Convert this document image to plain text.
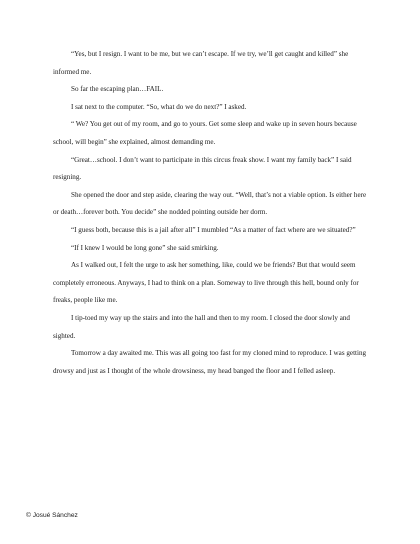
“Yes, but I resign. I want to be me, but we can’t escape. If we try, we’ll get caught and killed” she informed me.

So far the escaping plan…FAIL.

I sat next to the computer. “So, what do we do next?” I asked.

“ We? You get out of my room, and go to yours. Get some sleep and wake up in seven hours because school, will begin” she explained, almost demanding me.

“Great…school. I don’t want to participate in this circus freak show. I want my family back” I said resigning.

She opened the door and step aside, clearing the way out. “Well, that’s not a viable option. Is either here or death…forever both. You decide” she nodded pointing outside her dorm.

“I guess both, because this is a jail after all” I mumbled “As a matter of fact where are we situated?”

“If I knew I would be long gone” she said smirking.

As I walked out, I felt the urge to ask her something, like, could we be friends? But that would seem completely erroneous. Anyways, I had to think on a plan. Someway to live through this hell, bound only for freaks, people like me.

I tip-toed my way up the stairs and into the hall and then to my room. I closed the door slowly and sighted.

Tomorrow a day awaited me. This was all going too fast for my cloned mind to reproduce. I was getting drowsy and just as I thought of the whole drowsiness, my head banged the floor and I felled asleep.

© Josué Sánchez
